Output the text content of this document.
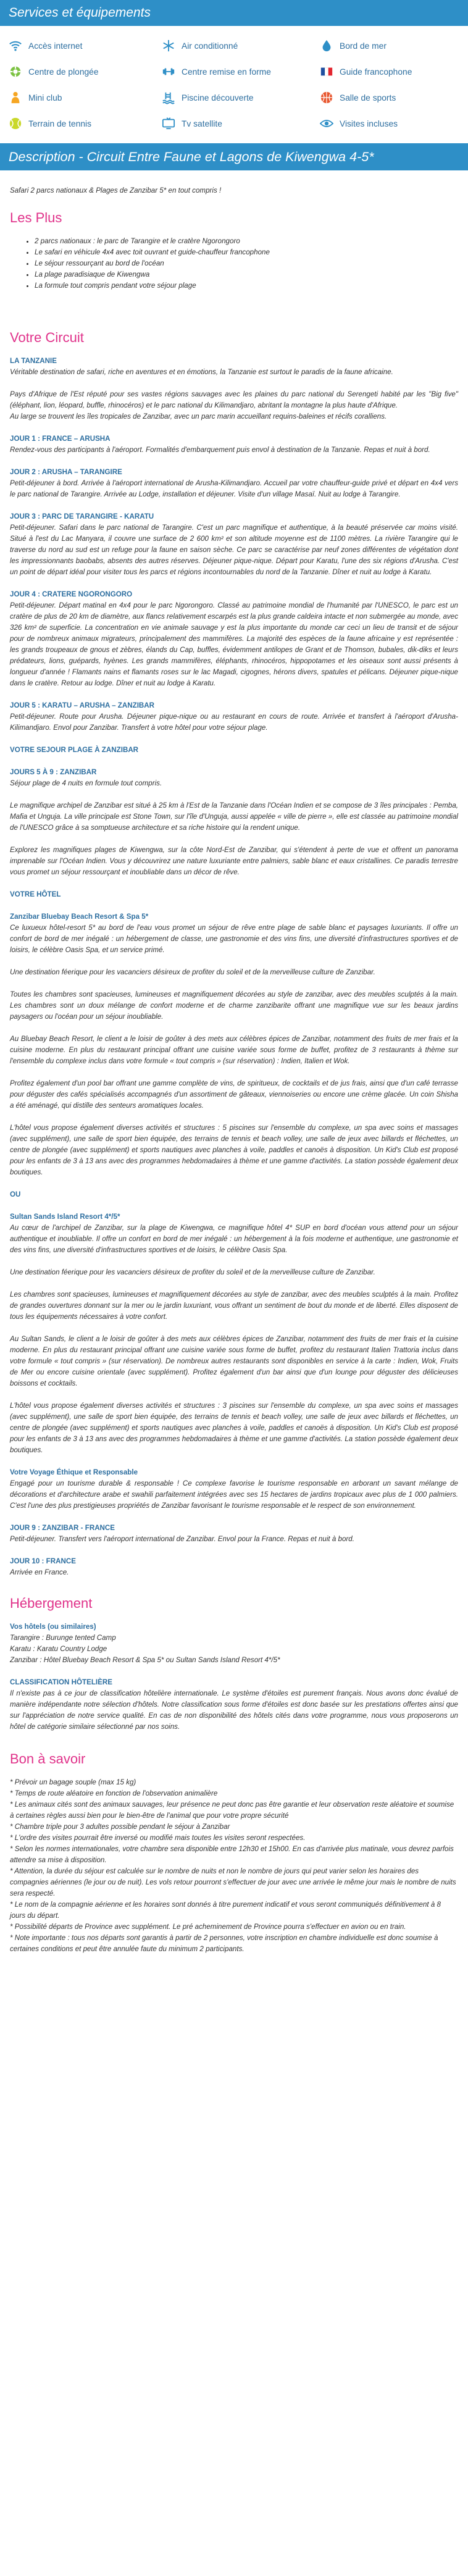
Services et équipements
Accès internet	Air conditionné	Bord de mer
Centre de plongée	Centre remise en forme	Guide francophone
Mini club	Piscine découverte	Salle de sports
Terrain de tennis	Tv satellite	Visites incluses
Description - Circuit Entre Faune et Lagons de Kiwengwa 4-5*

Safari 2 parcs nationaux & Plages de Zanzibar 5* en tout compris !

Les Plus
• 2 parcs nationaux : le parc de Tarangire et le cratère Ngorongoro
• Le safari en véhicule 4x4 avec toit ouvrant et guide-chauffeur francophone
• Le séjour ressourçant au bord de l'océan
• La plage paradisiaque de Kiwengwa
• La formule tout compris pendant votre séjour plage
Votre Circuit
LA TANZANIE

Véritable destination de safari, riche en aventures et en émotions, la Tanzanie est surtout le paradis de la faune africaine.

Pays d'Afrique de l'Est réputé pour ses vastes régions sauvages avec les plaines du parc national du Serengeti habité par les "Big five" (éléphant, lion, léopard, buffle, rhinocéros) et le parc national du Kilimandjaro, abritant la montagne la plus haute d'Afrique.

Au large se trouvent les îles tropicales de Zanzibar, avec un parc marin accueillant requins-baleines et récifs coralliens.

JOUR 1 : FRANCE – ARUSHA
Rendez-vous des participants à l'aéroport. Formalités d'embarquement puis envol à destination de la Tanzanie. Repas et nuit à bord.
JOUR 2 : ARUSHA – TARANGIRE
Petit-déjeuner à bord. Arrivée à l'aéroport international de Arusha-Kilimandjaro. Accueil par votre chauffeur-guide privé et départ en 4x4 vers le parc national de Tarangire. Arrivée au Lodge, installation et déjeuner. Visite d'un village Masaï. Nuit au lodge à Tarangire.
JOUR 3 : PARC DE TARANGIRE - KARATU
Petit-déjeuner. Safari dans le parc national de Tarangire. C'est un parc magnifique et authentique, à la beauté préservée car moins visité. Situé à l'est du Lac Manyara, il couvre une surface de 2 600 km² et son altitude moyenne est de 1100 mètres. La rivière Tarangire qui le traverse du nord au sud est un refuge pour la faune en saison sèche. Ce parc se caractérise par neuf zones différentes de végétation dont les impressionnants baobabs, absents des autres réserves. Déjeuner pique-nique. Départ pour Karatu, l'une des six régions d'Arusha. C'est un point de départ idéal pour visiter tous les parcs et régions incontournables du nord de la Tanzanie. Dîner et nuit au lodge à Karatu.
JOUR 4 : CRATERE NGORONGORO
Petit-déjeuner. Départ matinal en 4x4 pour le parc Ngorongoro. Classé au patrimoine mondial de l'humanité par l'UNESCO, le parc est un cratère de plus de 20 km de diamètre, aux flancs relativement escarpés est la plus grande caldeira intacte et non submergée au monde, avec 326 km² de superficie. La concentration en vie animale sauvage y est la plus importante du monde car ceci un lieu de transit et de séjour pour de nombreux animaux migrateurs, principalement des mammifères. La majorité des espèces de la faune africaine y est représentée : les grands troupeaux de gnous et zèbres, élands du Cap, buffles, évidemment antilopes de Grant et de Thomson, bubales, dik-diks et leurs prédateurs, lions, guépards, hyènes. Les grands mammifères, éléphants, rhinocéros, hippopotames et les oiseaux sont aussi présents à longueur d'année ! Flamants nains et flamants roses sur le lac Magadi, cigognes, hérons divers, spatules et pélicans. Déjeuner pique-nique dans le cratère. Retour au lodge. Dîner et nuit au lodge à Karatu.
JOUR 5 : KARATU – ARUSHA – ZANZIBAR
Petit-déjeuner. Route pour Arusha. Déjeuner pique-nique ou au restaurant en cours de route. Arrivée et transfert à l'aéroport d'Arusha-Kilimandjaro. Envol pour Zanzibar. Transfert à votre hôtel pour votre séjour plage.
VOTRE SEJOUR PLAGE À ZANZIBAR
JOURS 5 À 9 : ZANZIBAR

Séjour plage de 4 nuits en formule tout compris.

Le magnifique archipel de Zanzibar est situé à 25 km à l'Est de la Tanzanie dans l'Océan Indien et se compose de 3 îles principales : Pemba, Mafia et Unguja. La ville principale est Stone Town, sur l'île d'Unguja, aussi appelée « ville de pierre », elle est classée au patrimoine mondial de l'UNESCO grâce à sa somptueuse architecture et sa riche histoire qui la rendent unique.

Explorez les magnifiques plages de Kiwengwa, sur la côte Nord-Est de Zanzibar, qui s'étendent à perte de vue et offrent un panorama imprenable sur l'Océan Indien. Vous y découvrirez une nature luxuriante entre palmiers, sable blanc et eaux cristallines. Ce paradis terrestre vous promet un séjour ressourçant et inoubliable dans un décor de rêve.

VOTRE HÔTEL
Zanzibar Bluebay Beach Resort & Spa 5*

Ce luxueux hôtel-resort 5* au bord de l'eau vous promet un séjour de rêve entre plage de sable blanc et paysages luxuriants. Il offre un confort de bord de mer inégalé : un hébergement de classe, une gastronomie et des vins fins, une diversité d'infrastructures sportives et de loisirs, le célèbre Oasis Spa, et un service primé.

Une destination féerique pour les vacanciers désireux de profiter du soleil et de la merveilleuse culture de Zanzibar.

Toutes les chambres sont spacieuses, lumineuses et magnifiquement décorées au style de zanzibar, avec des meubles sculptés à la main. Les chambres sont un doux mélange de confort moderne et de charme zanzibarite offrant une magnifique vue sur les beaux jardins paysagers ou l'océan pour un séjour inoubliable.

Au Bluebay Beach Resort, le client a le loisir de goûter à des mets aux célèbres épices de Zanzibar, notamment des fruits de mer frais et la cuisine moderne. En plus du restaurant principal offrant une cuisine variée sous forme de buffet, profitez de 3 restaurants à thème sur l'ensemble du complexe inclus dans votre formule « tout compris » (sur réservation) : Indien, Italien et Wok.

Profitez également d'un pool bar offrant une gamme complète de vins, de spiritueux, de cocktails et de jus frais, ainsi que d'un café terrasse pour déguster des cafés spécialisés accompagnés d'un assortiment de gâteaux, viennoiseries ou encore une crème glacée. Un coin Shisha a été aménagé, qui distille des senteurs aromatiques locales.

L'hôtel vous propose également diverses activités et structures : 5 piscines sur l'ensemble du complexe, un spa avec soins et massages (avec supplément), une salle de sport bien équipée, des terrains de tennis et beach volley, une salle de jeux avec billards et fléchettes, un centre de plongée (avec supplément) et sports nautiques avec planches à voile, paddles et canoës à disposition. Un Kid's Club est proposé pour les enfants de 3 à 13 ans avec des programmes hebdomadaires à thème et une gamme d'activités. La station possède également deux boutiques.

OU
Sultan Sands Island Resort 4*/5*

Au cœur de l'archipel de Zanzibar, sur la plage de Kiwengwa, ce magnifique hôtel 4* SUP en bord d'océan vous attend pour un séjour authentique et inoubliable. Il offre un confort en bord de mer inégalé : un hébergement à la fois moderne et authentique, une gastronomie et des vins fins, une diversité d'infrastructures sportives et de loisirs, le célèbre Oasis Spa.

Une destination féerique pour les vacanciers désireux de profiter du soleil et de la merveilleuse culture de Zanzibar.

Les chambres sont spacieuses, lumineuses et magnifiquement décorées au style de zanzibar, avec des meubles sculptés à la main. Profitez de grandes ouvertures donnant sur la mer ou le jardin luxuriant, vous offrant un sentiment de bout du monde et de liberté. Elles disposent de tous les équipements nécessaires à votre confort.

Au Sultan Sands, le client a le loisir de goûter à des mets aux célèbres épices de Zanzibar, notamment des fruits de mer frais et la cuisine moderne. En plus du restaurant principal offrant une cuisine variée sous forme de buffet, profitez du restaurant Italien Trattoria inclus dans votre formule « tout compris » (sur réservation). De nombreux autres restaurants sont disponibles en service à la carte : Indien, Wok, Fruits de Mer ou encore cuisine orientale (avec supplément). Profitez également d'un bar ainsi que d'un lounge pour déguster des délicieuses boissons et cocktails.

L'hôtel vous propose également diverses activités et structures : 3 piscines sur l'ensemble du complexe, un spa avec soins et massages (avec supplément), une salle de sport bien équipée, des terrains de tennis et beach volley, une salle de jeux avec billards et fléchettes, un centre de plongée (avec supplément) et sports nautiques avec planches à voile, paddles et canoës à disposition. Un Kid's Club est proposé pour les enfants de 3 à 13 ans avec des programmes hebdomadaires à thème et une gamme d'activités. La station possède également deux boutiques.

Votre Voyage Éthique et Responsable

Engagé pour un tourisme durable & responsable ! Ce complexe favorise le tourisme responsable en arborant un savant mélange de décorations et d'architecture arabe et swahili parfaitement intégrées avec ses 15 hectares de jardins tropicaux avec plus de 1 000 palmiers. C'est l'une des plus prestigieuses propriétés de Zanzibar favorisant le tourisme responsable et le respect de son environnement.

JOUR 9 : ZANZIBAR - FRANCE
Petit-déjeuner. Transfert vers l'aéroport international de Zanzibar. Envol pour la France. Repas et nuit à bord.
JOUR 10 : FRANCE
Arrivée en France.
Hébergement
Vos hôtels (ou similaires)

Tarangire : Burunge tented Camp

Karatu : Karatu Country Lodge

Zanzibar : Hôtel Bluebay Beach Resort & Spa 5* ou Sultan Sands Island Resort 4*/5*

CLASSIFICATION HÔTELIÈRE

Il n'existe pas à ce jour de classification hôtelière internationale. Le système d'étoiles est purement français. Nous avons donc évalué de manière indépendante notre sélection d'hôtels. Notre classification sous forme d'étoiles est donc basée sur les prestations offertes ainsi que sur l'appréciation de notre service qualité. En cas de non disponibilité des hôtels cités dans votre programme, nous vous proposerons un hôtel de catégorie similaire sélectionné par nos soins.

Bon à savoir
* Prévoir un bagage souple (max 15 kg)
* Temps de route aléatoire en fonction de l'observation animalière
* Les animaux cités sont des animaux sauvages, leur présence ne peut donc pas être garantie et leur observation reste aléatoire et soumise à certaines règles aussi bien pour le bien-être de l'animal que pour votre propre sécurité
* Chambre triple pour 3 adultes possible pendant le séjour à Zanzibar
* L'ordre des visites pourrait être inversé ou modifié mais toutes les visites seront respectées.
* Selon les normes internationales, votre chambre sera disponible entre 12h30 et 15h00. En cas d'arrivée plus matinale, vous devrez parfois attendre sa mise à disposition.
* Attention, la durée du séjour est calculée sur le nombre de nuits et non le nombre de jours qui peut varier selon les horaires des compagnies aériennes (le jour ou de nuit). Les vols retour pourront s'effectuer de jour avec une arrivée le même jour mais le nombre de nuits sera respecté.
* Le nom de la compagnie aérienne et les horaires sont donnés à titre purement indicatif et vous seront communiqués définitivement à 8 jours du départ.
* Possibilité départs de Province avec supplément. Le pré acheminement de Province pourra s'effectuer en avion ou en train.
* Note importante : tous nos départs sont garantis à partir de 2 personnes, votre inscription en chambre individuelle est donc soumise à certaines conditions et peut être annulée faute du minimum 2 participants.
